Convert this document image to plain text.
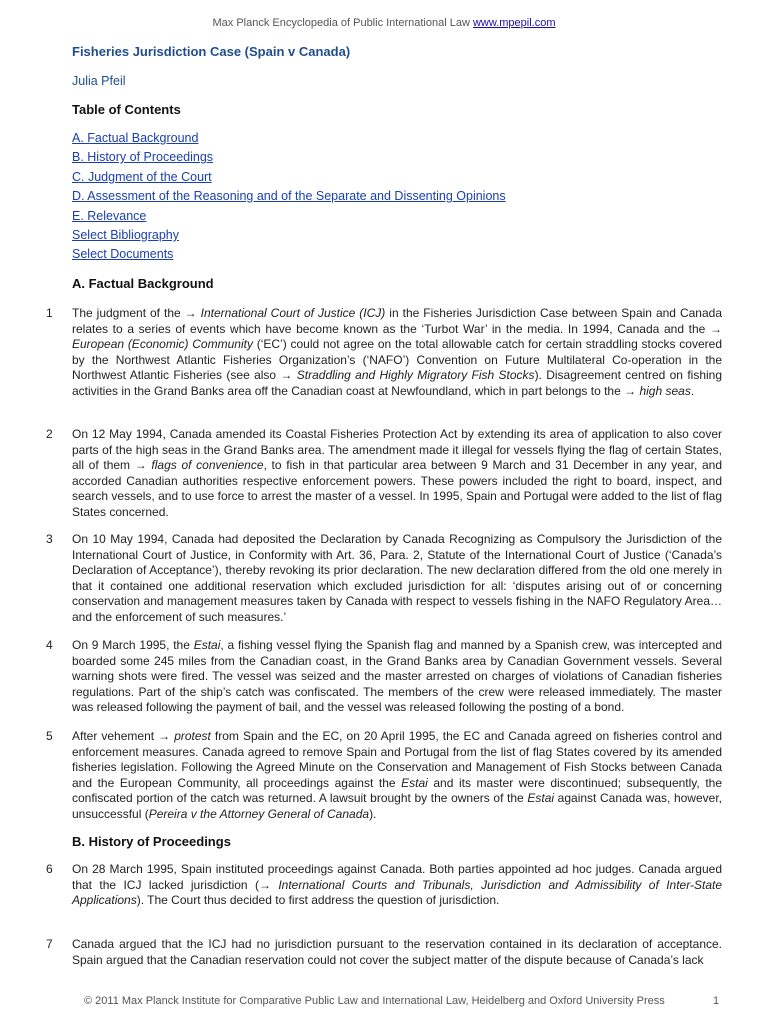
Max Planck Encyclopedia of Public International Law www.mpepil.com
Fisheries Jurisdiction Case (Spain v Canada)
Julia Pfeil
Table of Contents
A. Factual Background
B. History of Proceedings
C. Judgment of the Court
D. Assessment of the Reasoning and of the Separate and Dissenting Opinions
E. Relevance
Select Bibliography
Select Documents
A. Factual Background
1 The judgment of the → International Court of Justice (ICJ) in the Fisheries Jurisdiction Case between Spain and Canada relates to a series of events which have become known as the ‘Turbot War’ in the media. In 1994, Canada and the → European (Economic) Community (‘EC’) could not agree on the total allowable catch for certain straddling stocks covered by the Northwest Atlantic Fisheries Organization’s (‘NAFO’) Convention on Future Multilateral Co-operation in the Northwest Atlantic Fisheries (see also → Straddling and Highly Migratory Fish Stocks). Disagreement centred on fishing activities in the Grand Banks area off the Canadian coast at Newfoundland, which in part belongs to the → high seas.
2 On 12 May 1994, Canada amended its Coastal Fisheries Protection Act by extending its area of application to also cover parts of the high seas in the Grand Banks area. The amendment made it illegal for vessels flying the flag of certain States, all of them → flags of convenience, to fish in that particular area between 9 March and 31 December in any year, and accorded Canadian authorities respective enforcement powers. These powers included the right to board, inspect, and search vessels, and to use force to arrest the master of a vessel. In 1995, Spain and Portugal were added to the list of flag States concerned.
3 On 10 May 1994, Canada had deposited the Declaration by Canada Recognizing as Compulsory the Jurisdiction of the International Court of Justice, in Conformity with Art. 36, Para. 2, Statute of the International Court of Justice (‘Canada’s Declaration of Acceptance’), thereby revoking its prior declaration. The new declaration differed from the old one merely in that it contained one additional reservation which excluded jurisdiction for all: ‘disputes arising out of or concerning conservation and management measures taken by Canada with respect to vessels fishing in the NAFO Regulatory Area… and the enforcement of such measures.’
4 On 9 March 1995, the Estai, a fishing vessel flying the Spanish flag and manned by a Spanish crew, was intercepted and boarded some 245 miles from the Canadian coast, in the Grand Banks area by Canadian Government vessels. Several warning shots were fired. The vessel was seized and the master arrested on charges of violations of Canadian fisheries regulations. Part of the ship’s catch was confiscated. The members of the crew were released immediately. The master was released following the payment of bail, and the vessel was released following the posting of a bond.
5 After vehement → protest from Spain and the EC, on 20 April 1995, the EC and Canada agreed on fisheries control and enforcement measures. Canada agreed to remove Spain and Portugal from the list of flag States covered by its amended fisheries legislation. Following the Agreed Minute on the Conservation and Management of Fish Stocks between Canada and the European Community, all proceedings against the Estai and its master were discontinued; subsequently, the confiscated portion of the catch was returned. A lawsuit brought by the owners of the Estai against Canada was, however, unsuccessful (Pereira v the Attorney General of Canada).
B. History of Proceedings
6 On 28 March 1995, Spain instituted proceedings against Canada. Both parties appointed ad hoc judges. Canada argued that the ICJ lacked jurisdiction (→ International Courts and Tribunals, Jurisdiction and Admissibility of Inter-State Applications). The Court thus decided to first address the question of jurisdiction.
7 Canada argued that the ICJ had no jurisdiction pursuant to the reservation contained in its declaration of acceptance. Spain argued that the Canadian reservation could not cover the subject matter of the dispute because of Canada’s lack
© 2011 Max Planck Institute for Comparative Public Law and International Law, Heidelberg and Oxford University Press	1
